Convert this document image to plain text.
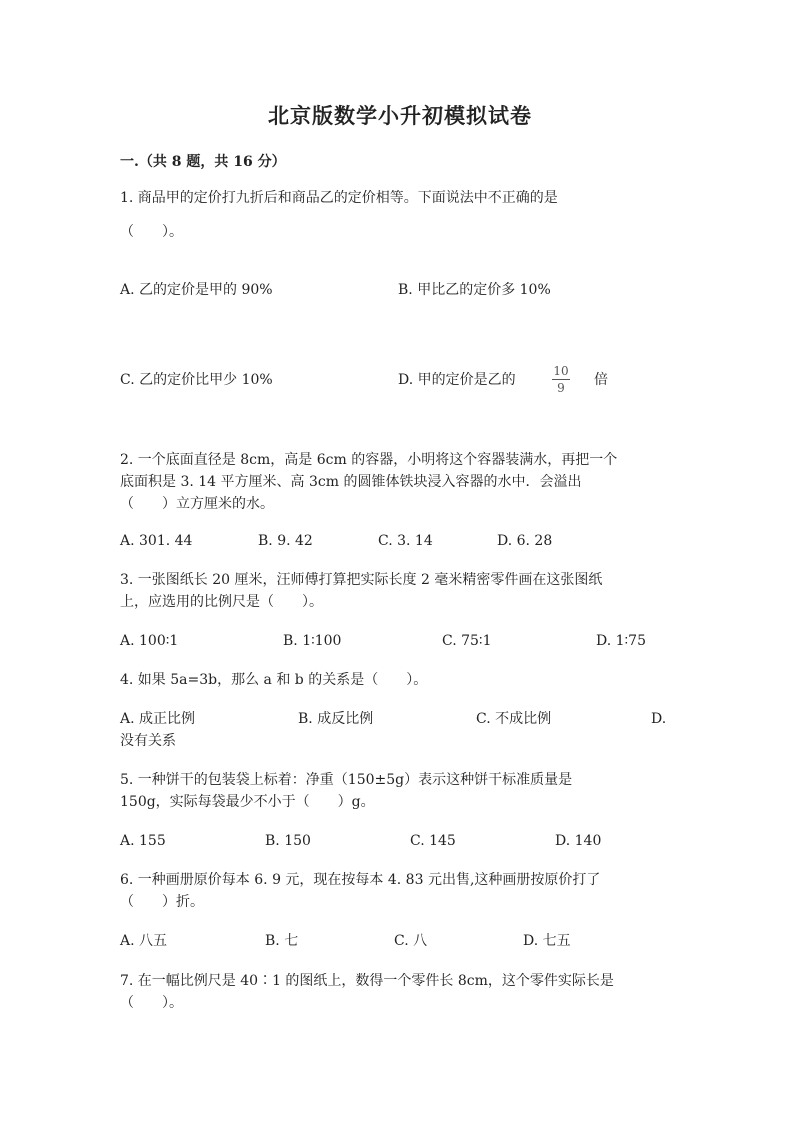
北京版数学小升初模拟试卷
一.（共 8 题，共 16 分）
1. 商品甲的定价打九折后和商品乙的定价相等。下面说法中不正确的是
（　　）。
A. 乙的定价是甲的 90%	B. 甲比乙的定价多 10%
C. 乙的定价比甲少 10%	D. 甲的定价是乙的
10
9 倍
2. 一个底面直径是 8cm，高是 6cm 的容器，小明将这个容器装满水，再把一个
底面积是 3. 14 平方厘米、高 3cm 的圆锥体铁块浸入容器的水中．会溢出
（　　）立方厘米的水。
A. 301. 44	B. 9. 42	C. 3. 14	D. 6. 28
3. 一张图纸长 20 厘米，汪师傅打算把实际长度 2 毫米精密零件画在这张图纸
上，应选用的比例尺是（　　）。
A. 100∶1	B. 1∶100	C. 75∶1	D. 1∶75
4. 如果 5a=3b，那么 a 和 b 的关系是（　　）。
A. 成正比例	B. 成反比例	C. 不成比例	D.
没有关系
5. 一种饼干的包装袋上标着：净重（150±5g）表示这种饼干标准质量是
150g，实际每袋最少不小于（　　）g。
A. 155	B. 150	C. 145	D. 140
6. 一种画册原价每本 6. 9 元，现在按每本 4. 83 元出售,这种画册按原价打了
（　　）折。
A. 八五	B. 七	C. 八	D. 七五
7. 在一幅比例尺是 40∶1 的图纸上，数得一个零件长 8cm，这个零件实际长是
（　　）。
